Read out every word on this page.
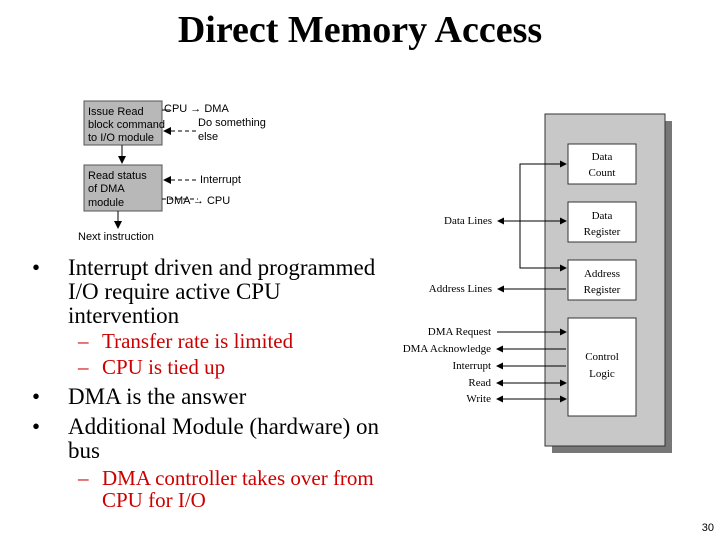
Direct Memory Access
Issue Read
block command
to I/O module
CPU → DMA
Do something
else
Read status
of DMA
module
Interrupt
DMA → CPU
Next instruction
Data
Count
Data
Register
Address
Register
Control
Logic
Data Lines
Address Lines
DMA Request
DMA Acknowledge
Interrupt
Read
Write
•	Interrupt driven and programmed
I/O require active CPU
intervention
– Transfer rate is limited
– CPU is tied up
•	DMA is the answer
•	Additional Module (hardware) on
bus
– DMA controller takes over from
CPU for I/O
30
